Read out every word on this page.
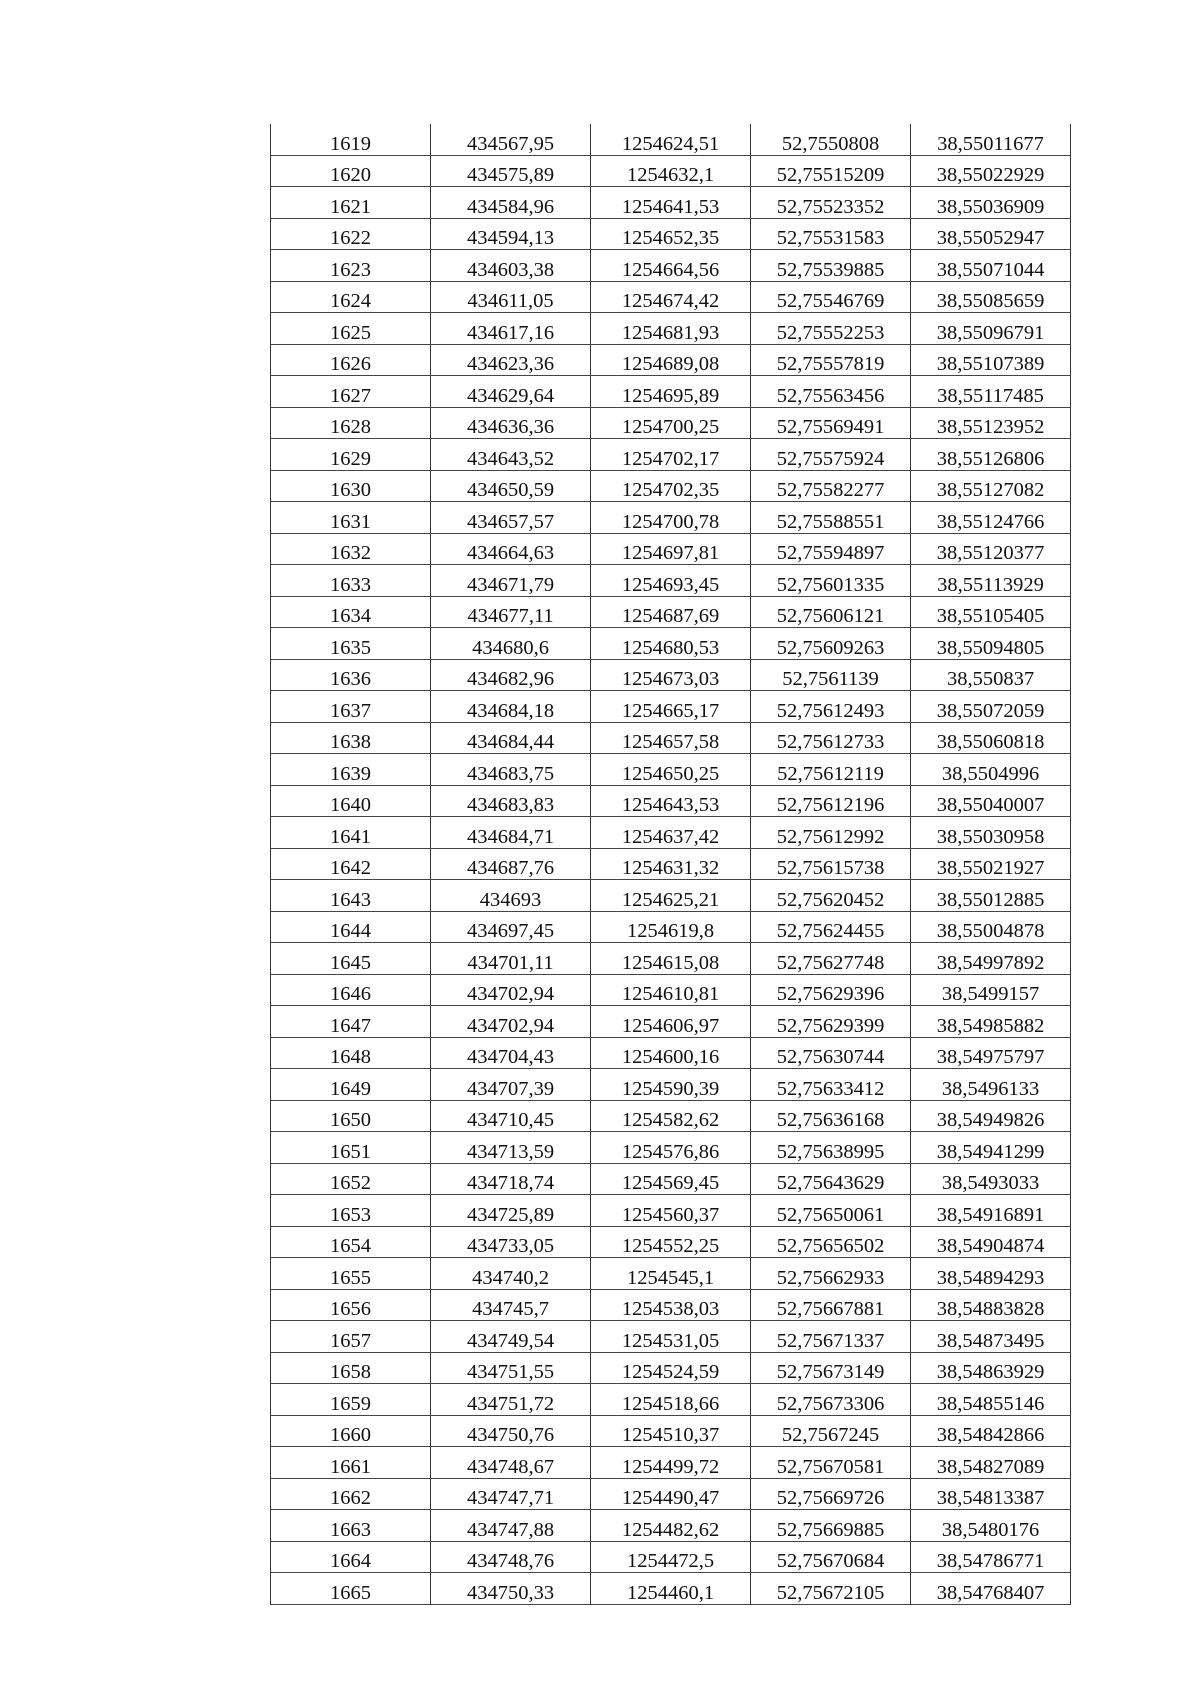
1619	434567,95	1254624,51	52,7550808	38,55011677
1620	434575,89	1254632,1	52,75515209	38,55022929
1621	434584,96	1254641,53	52,75523352	38,55036909
1622	434594,13	1254652,35	52,75531583	38,55052947
1623	434603,38	1254664,56	52,75539885	38,55071044
1624	434611,05	1254674,42	52,75546769	38,55085659
1625	434617,16	1254681,93	52,75552253	38,55096791
1626	434623,36	1254689,08	52,75557819	38,55107389
1627	434629,64	1254695,89	52,75563456	38,55117485
1628	434636,36	1254700,25	52,75569491	38,55123952
1629	434643,52	1254702,17	52,75575924	38,55126806
1630	434650,59	1254702,35	52,75582277	38,55127082
1631	434657,57	1254700,78	52,75588551	38,55124766
1632	434664,63	1254697,81	52,75594897	38,55120377
1633	434671,79	1254693,45	52,75601335	38,55113929
1634	434677,11	1254687,69	52,75606121	38,55105405
1635	434680,6	1254680,53	52,75609263	38,55094805
1636	434682,96	1254673,03	52,7561139	38,550837
1637	434684,18	1254665,17	52,75612493	38,55072059
1638	434684,44	1254657,58	52,75612733	38,55060818
1639	434683,75	1254650,25	52,75612119	38,5504996
1640	434683,83	1254643,53	52,75612196	38,55040007
1641	434684,71	1254637,42	52,75612992	38,55030958
1642	434687,76	1254631,32	52,75615738	38,55021927
1643	434693	1254625,21	52,75620452	38,55012885
1644	434697,45	1254619,8	52,75624455	38,55004878
1645	434701,11	1254615,08	52,75627748	38,54997892
1646	434702,94	1254610,81	52,75629396	38,5499157
1647	434702,94	1254606,97	52,75629399	38,54985882
1648	434704,43	1254600,16	52,75630744	38,54975797
1649	434707,39	1254590,39	52,75633412	38,5496133
1650	434710,45	1254582,62	52,75636168	38,54949826
1651	434713,59	1254576,86	52,75638995	38,54941299
1652	434718,74	1254569,45	52,75643629	38,5493033
1653	434725,89	1254560,37	52,75650061	38,54916891
1654	434733,05	1254552,25	52,75656502	38,54904874
1655	434740,2	1254545,1	52,75662933	38,54894293
1656	434745,7	1254538,03	52,75667881	38,54883828
1657	434749,54	1254531,05	52,75671337	38,54873495
1658	434751,55	1254524,59	52,75673149	38,54863929
1659	434751,72	1254518,66	52,75673306	38,54855146
1660	434750,76	1254510,37	52,7567245	38,54842866
1661	434748,67	1254499,72	52,75670581	38,54827089
1662	434747,71	1254490,47	52,75669726	38,54813387
1663	434747,88	1254482,62	52,75669885	38,5480176
1664	434748,76	1254472,5	52,75670684	38,54786771
1665	434750,33	1254460,1	52,75672105	38,54768407
